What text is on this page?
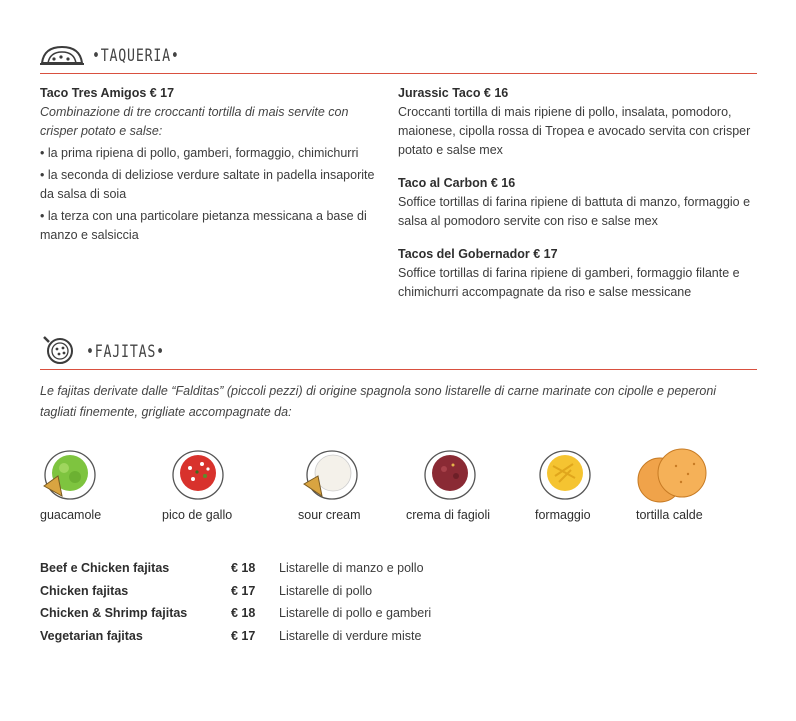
•TAQUERIA•
Taco Tres Amigos € 17
Combinazione di tre croccanti tortilla di mais servite con crisper potato e salse:
• la prima ripiena di pollo, gamberi, formaggio, chimichurri
• la seconda di deliziose verdure saltate in padella insaporite da salsa di soia
• la terza con una particolare pietanza messicana a base di manzo e salsiccia
Jurassic Taco € 16
Croccanti tortilla di mais ripiene di pollo, insalata, pomodoro, maionese, cipolla rossa di Tropea e avocado servita con crisper potato e salse mex
Taco al Carbon € 16
Soffice tortillas di farina ripiene di battuta di manzo, formaggio e salsa al pomodoro servite con riso e salse mex
Tacos del Gobernador € 17
Soffice tortillas di farina ripiene di gamberi, formaggio filante e chimichurri accompagnate da riso e salse messicane
•FAJITAS•
Le fajitas derivate dalle “Falditas” (piccoli pezzi) di origine spagnola sono listarelle di carne marinate con cipolle e peperoni tagliati finemente, grigliate accompagnate da:
guacamole	pico de gallo	sour cream	crema di fagioli	formaggio	tortilla calde
Beef e Chicken fajitas	€ 18 Listarelle di manzo e pollo
Chicken fajitas	€ 17 Listarelle di pollo
Chicken & Shrimp fajitas	€ 18 Listarelle di pollo e gamberi
Vegetarian fajitas	€ 17 Listarelle di verdure miste
